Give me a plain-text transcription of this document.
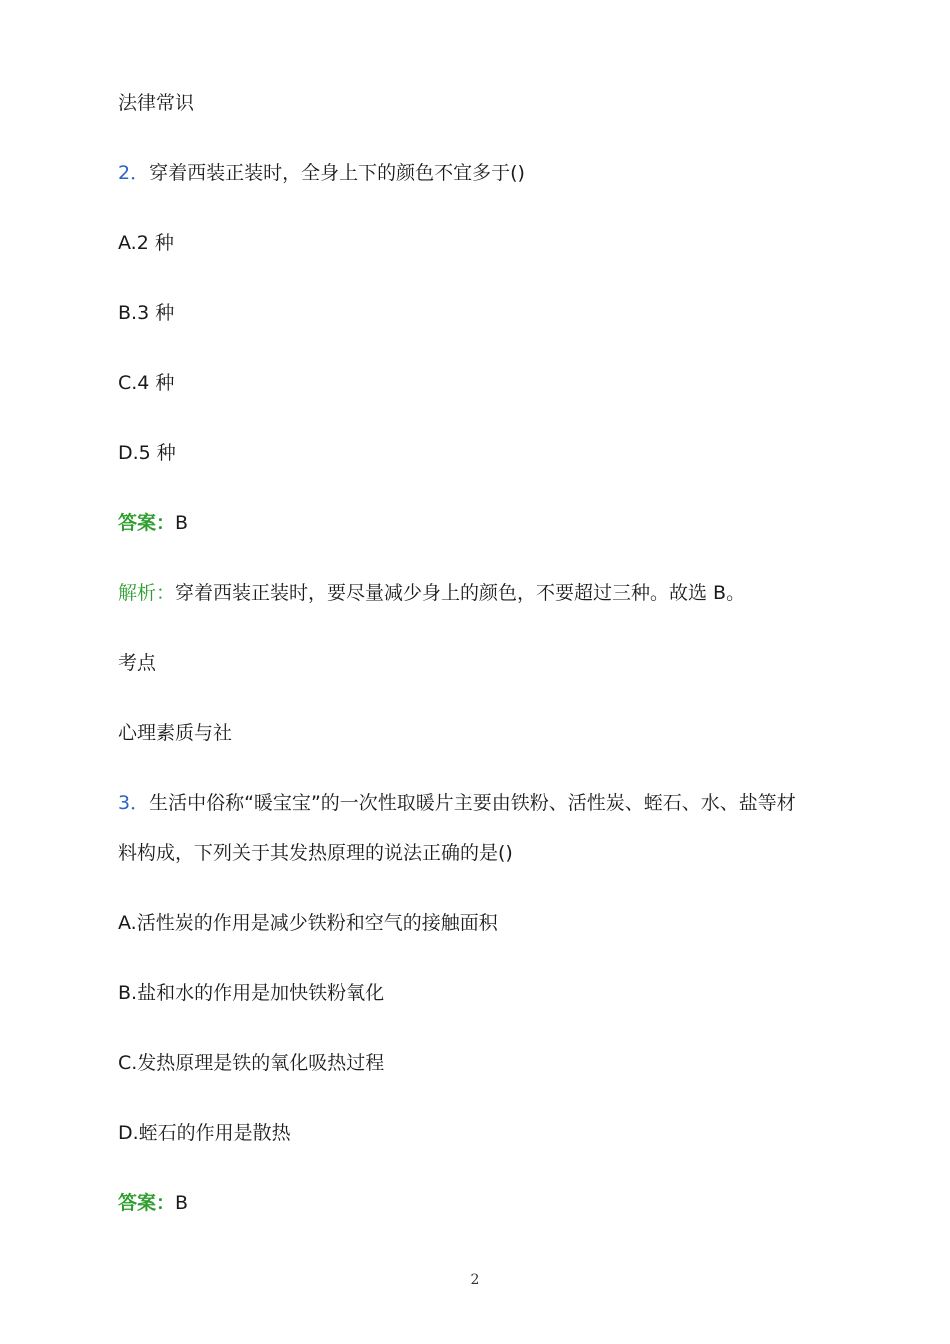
法律常识
2．穿着西装正装时，全身上下的颜色不宜多于()
A.2 种
B.3 种
C.4 种
D.5 种
答案：B
解析：穿着西装正装时，要尽量减少身上的颜色，不要超过三种。故选 B。
考点
心理素质与社
3．生活中俗称“暖宝宝”的一次性取暖片主要由铁粉、活性炭、蛭石、水、盐等材
料构成，下列关于其发热原理的说法正确的是()
A.活性炭的作用是减少铁粉和空气的接触面积
B.盐和水的作用是加快铁粉氧化
C.发热原理是铁的氧化吸热过程
D.蛭石的作用是散热
答案：B
2
